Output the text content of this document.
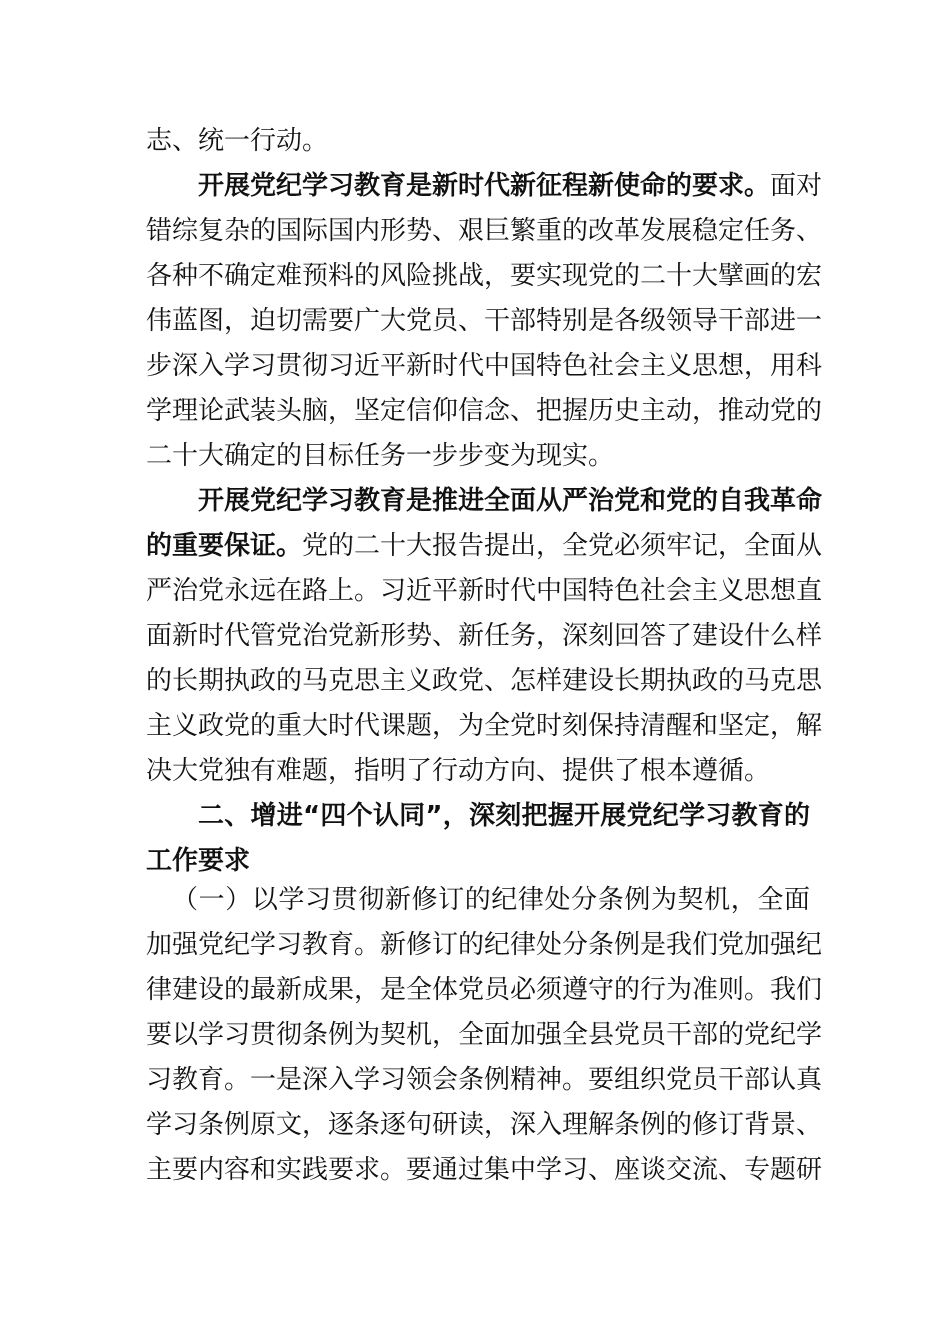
志、统一行动。
开展党纪学习教育是新时代新征程新使命的要求。面对
错综复杂的国际国内形势、艰巨繁重的改革发展稳定任务、
各种不确定难预料的风险挑战，要实现党的二十大擘画的宏
伟蓝图，迫切需要广大党员、干部特别是各级领导干部进一
步深入学习贯彻习近平新时代中国特色社会主义思想，用科
学理论武装头脑，坚定信仰信念、把握历史主动，推动党的
二十大确定的目标任务一步步变为现实。
开展党纪学习教育是推进全面从严治党和党的自我革命
的重要保证。党的二十大报告提出，全党必须牢记，全面从
严治党永远在路上。习近平新时代中国特色社会主义思想直
面新时代管党治党新形势、新任务，深刻回答了建设什么样
的长期执政的马克思主义政党、怎样建设长期执政的马克思
主义政党的重大时代课题，为全党时刻保持清醒和坚定，解
决大党独有难题，指明了行动方向、提供了根本遵循。
二、增进“四个认同”，深刻把握开展党纪学习教育的
工作要求
（一）以学习贯彻新修订的纪律处分条例为契机，全面
加强党纪学习教育。新修订的纪律处分条例是我们党加强纪
律建设的最新成果，是全体党员必须遵守的行为准则。我们
要以学习贯彻条例为契机，全面加强全县党员干部的党纪学
习教育。一是深入学习领会条例精神。要组织党员干部认真
学习条例原文，逐条逐句研读，深入理解条例的修订背景、
主要内容和实践要求。要通过集中学习、座谈交流、专题研
